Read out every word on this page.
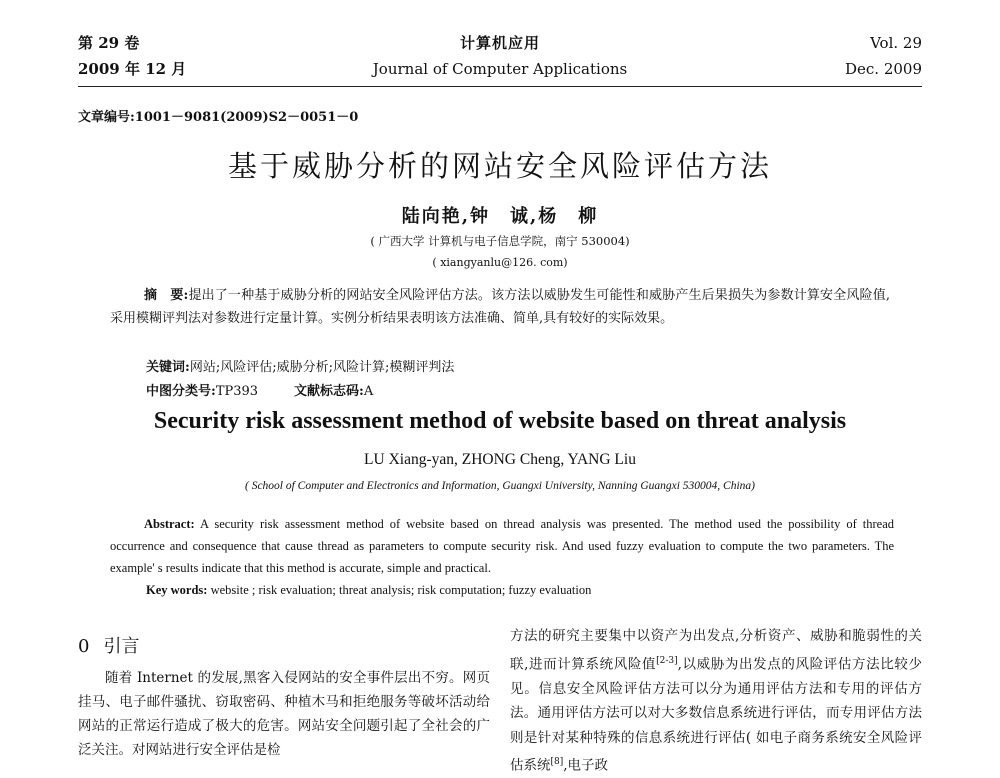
第 29 卷
2009 年 12 月
计算机应用
Journal of Computer Applications
Vol. 29
Dec. 2009
文章编号:1001－9081(2009)S2－0051－0
基于威胁分析的网站安全风险评估方法
陆向艳,钟　诚,杨　柳
( 广西大学 计算机与电子信息学院，南宁 530004)
( xiangyanlu@126. com)
摘　要:提出了一种基于威胁分析的网站安全风险评估方法。该方法以威胁发生可能性和威胁产生后果损失为参数计算安全风险值,采用模糊评判法对参数进行定量计算。实例分析结果表明该方法准确、简单,具有较好的实际效果。
关键词:网站;风险评估;威胁分析;风险计算;模糊评判法
中图分类号:TP393	文献标志码:A
Security risk assessment method of website based on threat analysis
LU Xiang-yan, ZHONG Cheng, YANG Liu
( School of Computer and Electronics and Information, Guangxi University, Nanning Guangxi 530004, China)
Abstract: A security risk assessment method of website based on thread analysis was presented. The method used the possibility of thread occurrence and consequence that cause thread as parameters to compute security risk. And used fuzzy evaluation to compute the two parameters. The example' s results indicate that this method is accurate, simple and practical.
Key words: website ; risk evaluation; threat analysis; risk computation; fuzzy evaluation
0 引言

随着 Internet 的发展,黑客入侵网站的安全事件层出不穷。网页挂马、电子邮件骚扰、窃取密码、种植木马和拒绝服务等破坏活动给网站的正常运行造成了极大的危害。网站安全问题引起了全社会的广泛关注。对网站进行安全评估是检

方法的研究主要集中以资产为出发点,分析资产、威胁和脆弱性的关联,进而计算系统风险值[2-3],以威胁为出发点的风险评估方法比较少见。信息安全风险评估方法可以分为通用评估方法和专用的评估方法。通用评估方法可以对大多数信息系统进行评估，而专用评估方法则是针对某种特殊的信息系统进行评估( 如电子商务系统安全风险评估系统[8],电子政
